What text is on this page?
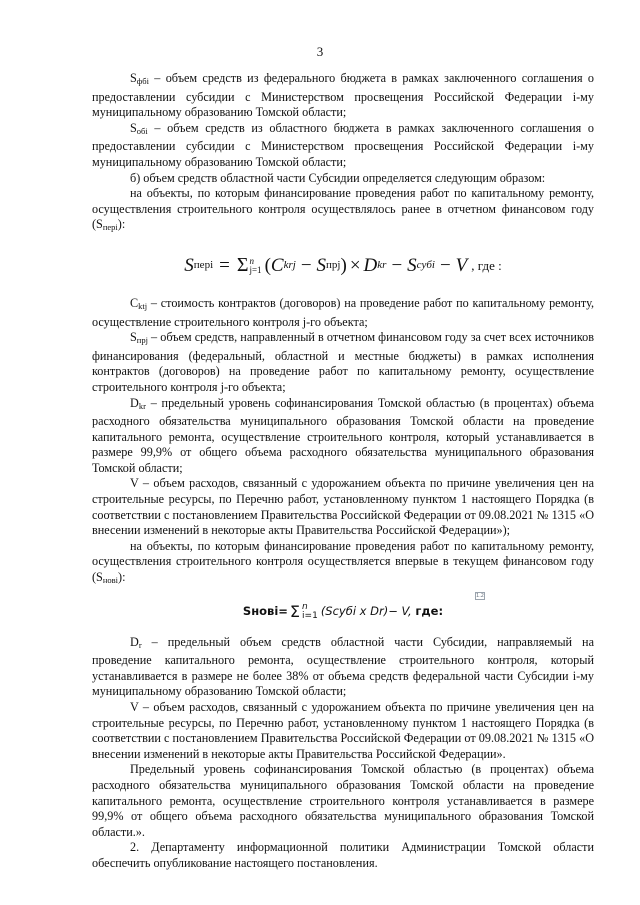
3

$S_{фбi}$ – объем средств из федерального бюджета в рамках заключенного соглашения о предоставлении субсидии с Министерством просвещения Российской Федерации i-му муниципальному образованию Томской области;

$S_{обi}$ – объем средств из областного бюджета в рамках заключенного соглашения о предоставлении субсидии с Министерством просвещения Российской Федерации i-му муниципальному образованию Томской области;

б) объем средств областной части Субсидии определяется следующим образом:

на объекты, по которым финансирование проведения работ по капитальному ремонту, осуществления строительного контроля осуществлялось ранее в отчетном финансовом году $(S_{перi})$:

S перi = Σ n
j=1 ( C krj − S прj ) × D kr − S субi − V , где :

$C_{ktj}$ – стоимость контрактов (договоров) на проведение работ по капитальному ремонту, осуществление строительного контроля j-го объекта;

$S_{прj}$ – объем средств, направленный в отчетном финансовом году за счет всех источников финансирования (федеральный, областной и местные бюджеты) в рамках исполнения контрактов (договоров) на проведение работ по капитальному ремонту, осуществление строительного контроля j-го объекта;

$D_{kr}$ – предельный уровень софинансирования Томской областью (в процентах) объема расходного обязательства муниципального образования Томской области на проведение капитального ремонта, осуществление строительного контроля, который устанавливается в размере 99,9% от общего объема расходного обязательства муниципального образования Томской области;

V – объем расходов, связанный с удорожанием объекта по причине увеличения цен на строительные ресурсы, по Перечню работ, установленному пунктом 1 настоящего Порядка (в соответствии с постановлением Правительства Российской Федерации от 09.08.2021 № 1315 «О внесении изменений в некоторые акты Правительства Российской Федерации»);

на объекты, по которым финансирование проведения работ по капитальному ремонту, осуществления строительного контроля осуществляется впервые в текущем финансовом году $(S_{новi})$:

Sновi = Σ n
i=1 (Scубi x Dr) − V,
где:
1.2

$D_r$ – предельный объем средств областной части Субсидии, направляемый на проведение капитального ремонта, осуществление строительного контроля, который устанавливается в размере не более 38% от объема средств федеральной части Субсидии i-му муниципальному образованию Томской области;

V – объем расходов, связанный с удорожанием объекта по причине увеличения цен на строительные ресурсы, по Перечню работ, установленному пунктом 1 настоящего Порядка (в соответствии с постановлением Правительства Российской Федерации от 09.08.2021 № 1315 «О внесении изменений в некоторые акты Правительства Российской Федерации».

Предельный уровень софинансирования Томской областью (в процентах) объема расходного обязательства муниципального образования Томской области на проведение капитального ремонта, осуществление строительного контроля устанавливается в размере 99,9% от общего объема расходного обязательства муниципального образования Томской области.».

2. Департаменту информационной политики Администрации Томской области обеспечить опубликование настоящего постановления.
